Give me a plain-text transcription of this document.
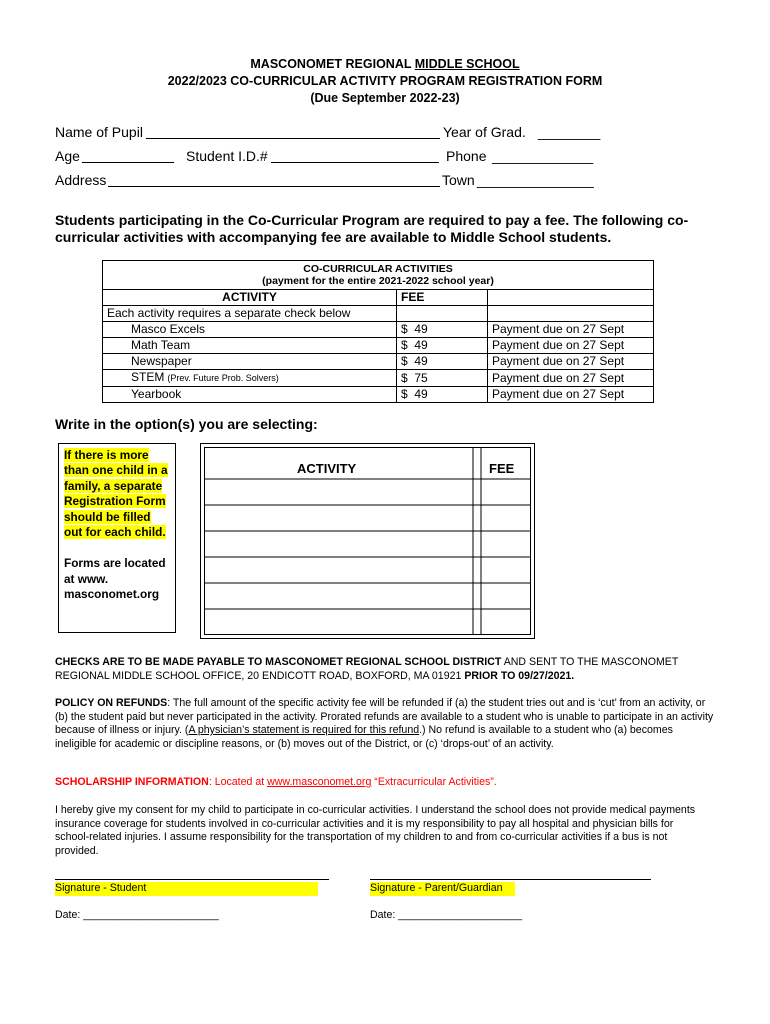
MASCONOMET REGIONAL MIDDLE SCHOOL
2022/2023 CO-CURRICULAR ACTIVITY PROGRAM REGISTRATION FORM
(Due September 2022-23)
Name of Pupil	Year of Grad. ________
Age	Student I.D.#	Phone _____________
Address	Town _______________
Students participating in the Co-Curricular Program are required to pay a fee. The following co-
curricular activities with accompanying fee are available to Middle School students.
CO-CURRICULAR ACTIVITIES
(payment for the entire 2021-2022 school year)		

ACTIVITY	FEE	
Each activity requires a separate check below		
Masco Excels	$  49	Payment due on 27 Sept
Math Team	$  49	Payment due on 27 Sept
Newspaper	$  49	Payment due on 27 Sept
STEM (Prev. Future Prob. Solvers)	$  75	Payment due on 27 Sept
Yearbook	$  49	Payment due on 27 Sept
Write in the option(s) you are selecting:
If there is more than one child in a family, a separate Registration Form should be filled out for each child.
Forms are located at www. masconomet.org
ACTIVITY	FEE
CHECKS ARE TO BE MADE PAYABLE TO MASCONOMET REGIONAL SCHOOL DISTRICT AND SENT TO THE MASCONOMET REGIONAL MIDDLE SCHOOL OFFICE, 20 ENDICOTT ROAD, BOXFORD, MA 01921 PRIOR TO 09/27/2021.
POLICY ON REFUNDS: The full amount of the specific activity fee will be refunded if (a) the student tries out and is ‘cut’ from an activity, or (b) the student paid but never participated in the activity. Prorated refunds are available to a student who is unable to participate in an activity because of illness or injury. (A physician’s statement is required for this refund.) No refund is available to a student who (a) becomes ineligible for academic or discipline reasons, or (b) moves out of the District, or (c) ‘drops-out’ of an activity.
SCHOLARSHIP INFORMATION: Located at www.masconomet.org “Extracurricular Activities”.
I hereby give my consent for my child to participate in co-curricular activities. I understand the school does not provide medical payments insurance coverage for students involved in co-curricular activities and it is my responsibility to pay all hospital and physician bills for school-related injuries. I assume responsibility for the transportation of my children to and from co-curricular activities if a bus is not provided.
Signature - Student	Signature - Parent/Guardian
Date: _______________________	Date: _____________________
